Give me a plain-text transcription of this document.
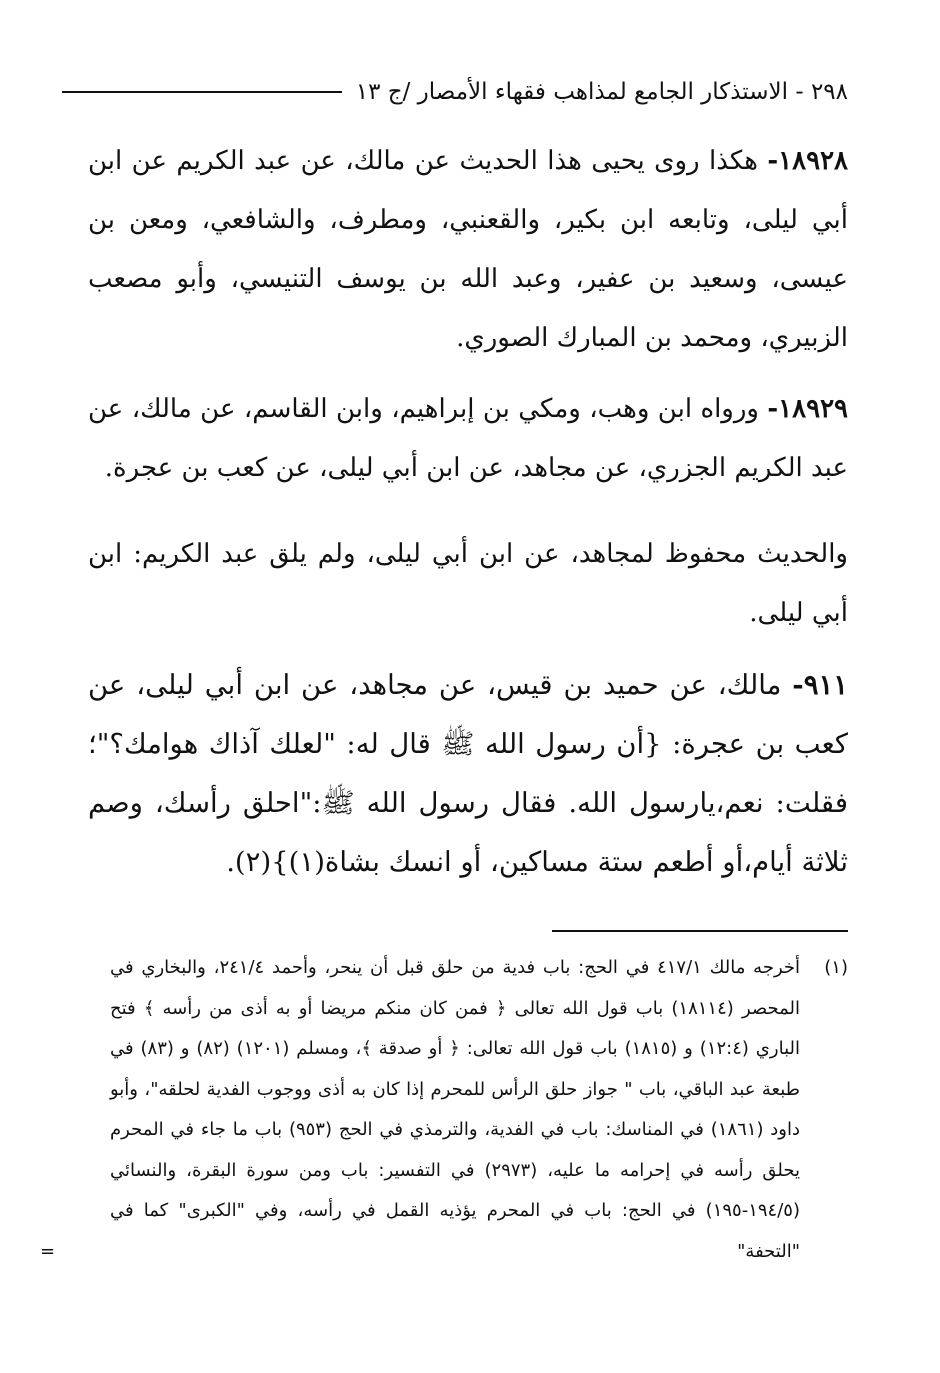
٢٩٨ - الاستذكار الجامع لمذاهب فقهاء الأمصار /ج ١٣

١٨٩٢٨- هكذا روى يحيى هذا الحديث عن مالك، عن عبد الكريم عن ابن أبي ليلى، وتابعه ابن بكير، والقعنبي، ومطرف، والشافعي، ومعن بن عيسى، وسعيد بن عفير، وعبد الله بن يوسف التنيسي، وأبو مصعب الزبيري، ومحمد بن المبارك الصوري.

١٨٩٢٩- ورواه ابن وهب، ومكي بن إبراهيم، وابن القاسم، عن مالك، عن عبد الكريم الجزري، عن مجاهد، عن ابن أبي ليلى، عن كعب بن عجرة.

والحديث محفوظ لمجاهد، عن ابن أبي ليلى، ولم يلق عبد الكريم: ابن أبي ليلى.

٩١١- مالك، عن حميد بن قيس، عن مجاهد، عن ابن أبي ليلى، عن كعب بن عجرة: {أن رسول الله ﷺ قال له: "لعلك آذاك هوامك؟"؛ فقلت: نعم،يارسول الله. فقال رسول الله ﷺ:"احلق رأسك، وصم ثلاثة أيام،أو أطعم ستة مساكين، أو انسك بشاة(١)}(٢).

(١)

أخرجه مالك ٤١٧/١ في الحج: باب فدية من حلق قبل أن ينحر، وأحمد ٢٤١/٤، والبخاري في المحصر (١٨١١٤) باب قول الله تعالى ﴿ فمن كان منكم مريضا أو به أذى من رأسه ﴾ فتح الباري (١٢:٤) و (١٨١٥) باب قول الله تعالى: ﴿ أو صدقة ﴾، ومسلم (١٢٠١) (٨٢) و (٨٣) في طبعة عبد الباقي، باب " جواز حلق الرأس للمحرم إذا كان به أذى ووجوب الفدية لحلقه"، وأبو داود (١٨٦١) في المناسك: باب في الفدية، والترمذي في الحج (٩٥٣) باب ما جاء في المحرم يحلق رأسه في إحرامه ما عليه، (٢٩٧٣) في التفسير: باب ومن سورة البقرة، والنسائي (١٩٤/٥-١٩٥) في الحج: باب في المحرم يؤذيه القمل في رأسه، وفي "الكبرى" كما في "التحفة"

=
